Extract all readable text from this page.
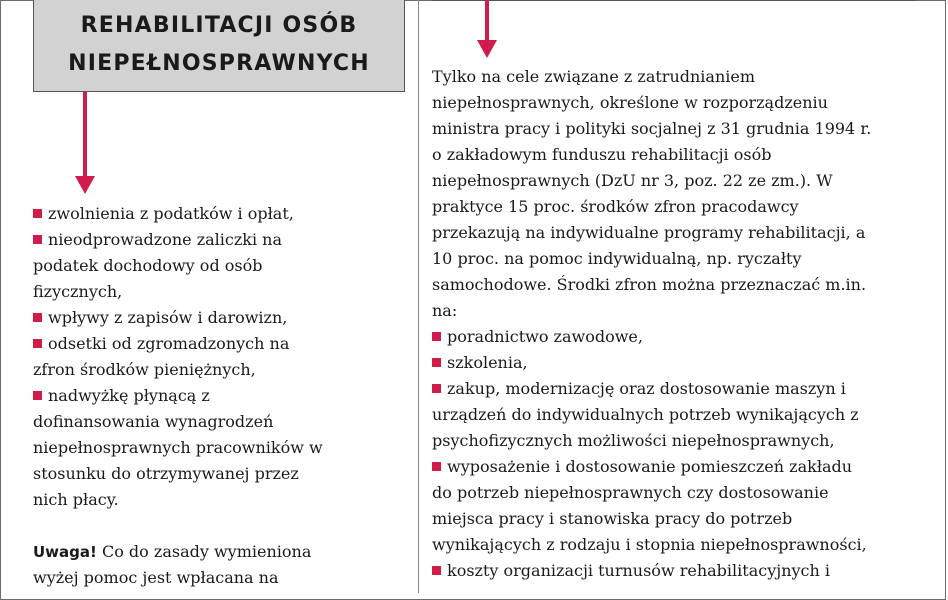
REHABILITACJI OSÓB
NIEPEŁNOSPRAWNYCH
zwolnienia z podatków i opłat,
nieodprowadzone zaliczki na
podatek dochodowy od osób
fizycznych,
wpływy z zapisów i darowizn,
odsetki od zgromadzonych na
zfron środków pieniężnych,
nadwyżkę płynącą z
dofinansowania wynagrodzeń
niepełnosprawnych pracowników w
stosunku do otrzymywanej przez
nich płacy.
Uwaga! Co do zasady wymieniona
wyżej pomoc jest wpłacana na
Tylko na cele związane z zatrudnianiem
niepełnosprawnych, określone w rozporządzeniu
ministra pracy i polityki socjalnej z 31 grudnia 1994 r.
o zakładowym funduszu rehabilitacji osób
niepełnosprawnych (DzU nr 3, poz. 22 ze zm.). W
praktyce 15 proc. środków zfron pracodawcy
przekazują na indywidualne programy rehabilitacji, a
10 proc. na pomoc indywidualną, np. ryczałty
samochodowe. Środki zfron można przeznaczać m.in.
na:
poradnictwo zawodowe,
szkolenia,
zakup, modernizację oraz dostosowanie maszyn i
urządzeń do indywidualnych potrzeb wynikających z
psychofizycznych możliwości niepełnosprawnych,
wyposażenie i dostosowanie pomieszczeń zakładu
do potrzeb niepełnosprawnych czy dostosowanie
miejsca pracy i stanowiska pracy do potrzeb
wynikających z rodzaju i stopnia niepełnosprawności,
koszty organizacji turnusów rehabilitacyjnych i
